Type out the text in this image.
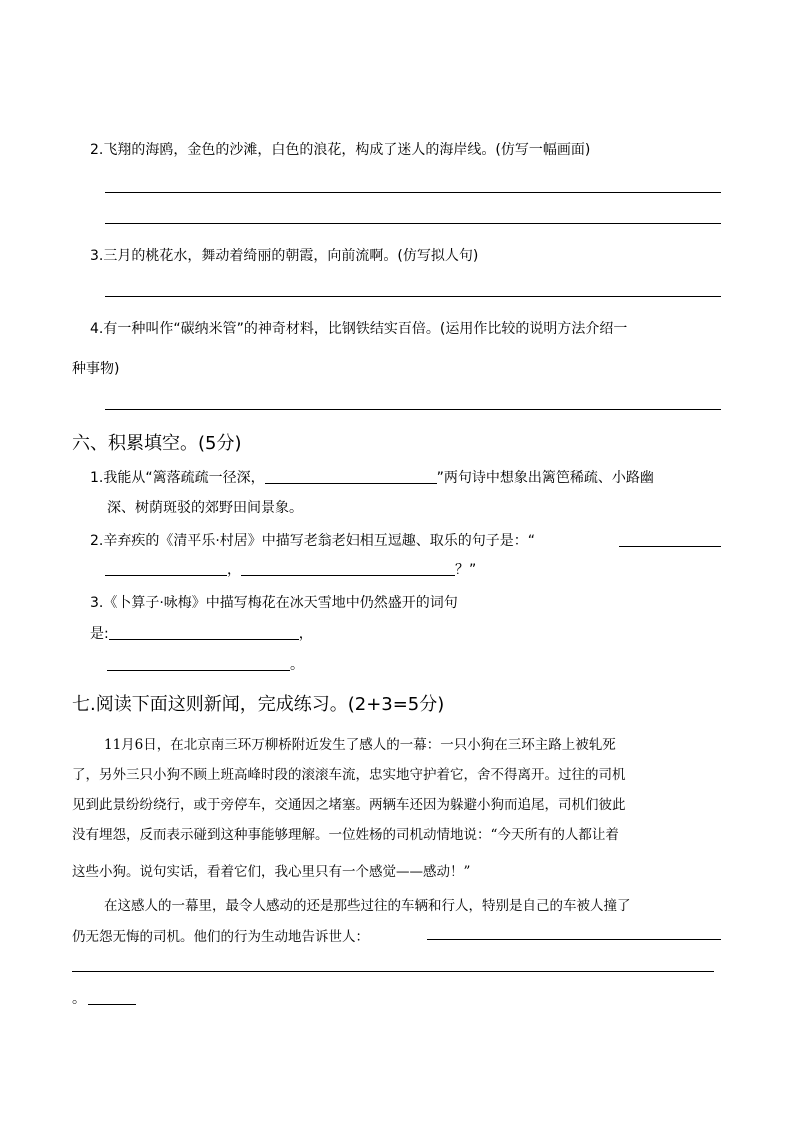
2.飞翔的海鸥，金色的沙滩，白色的浪花，构成了迷人的海岸线。(仿写一幅画面)
3.三月的桃花水，舞动着绮丽的朝霞，向前流啊。(仿写拟人句)
4.有一种叫作“碳纳米管”的神奇材料，比钢铁结实百倍。(运用作比较的说明方法介绍一
种事物)
六、积累填空。(5分)
1.我能从“篱落疏疏一径深，	”两句诗中想象出篱笆稀疏、小路幽
深、树荫斑驳的郊野田间景象。
2.辛弃疾的《清平乐·村居》中描写老翁老妇相互逗趣、取乐的句子是：“
，	？”
3.《卜算子·咏梅》中描写梅花在冰天雪地中仍然盛开的词句
是:	，
。
七.阅读下面这则新闻，完成练习。(2+3=5分)
11月6日，在北京南三环万柳桥附近发生了感人的一幕：一只小狗在三环主路上被轧死
了，另外三只小狗不顾上班高峰时段的滚滚车流，忠实地守护着它，舍不得离开。过往的司机
见到此景纷纷绕行，或于旁停车，交通因之堵塞。两辆车还因为躲避小狗而追尾，司机们彼此
没有埋怨，反而表示碰到这种事能够理解。一位姓杨的司机动情地说：“今天所有的人都让着
这些小狗。说句实话，看着它们，我心里只有一个感觉——感动！”
在这感人的一幕里，最令人感动的还是那些过往的车辆和行人，特别是自己的车被人撞了
仍无怨无悔的司机。他们的行为生动地告诉世人：
。
